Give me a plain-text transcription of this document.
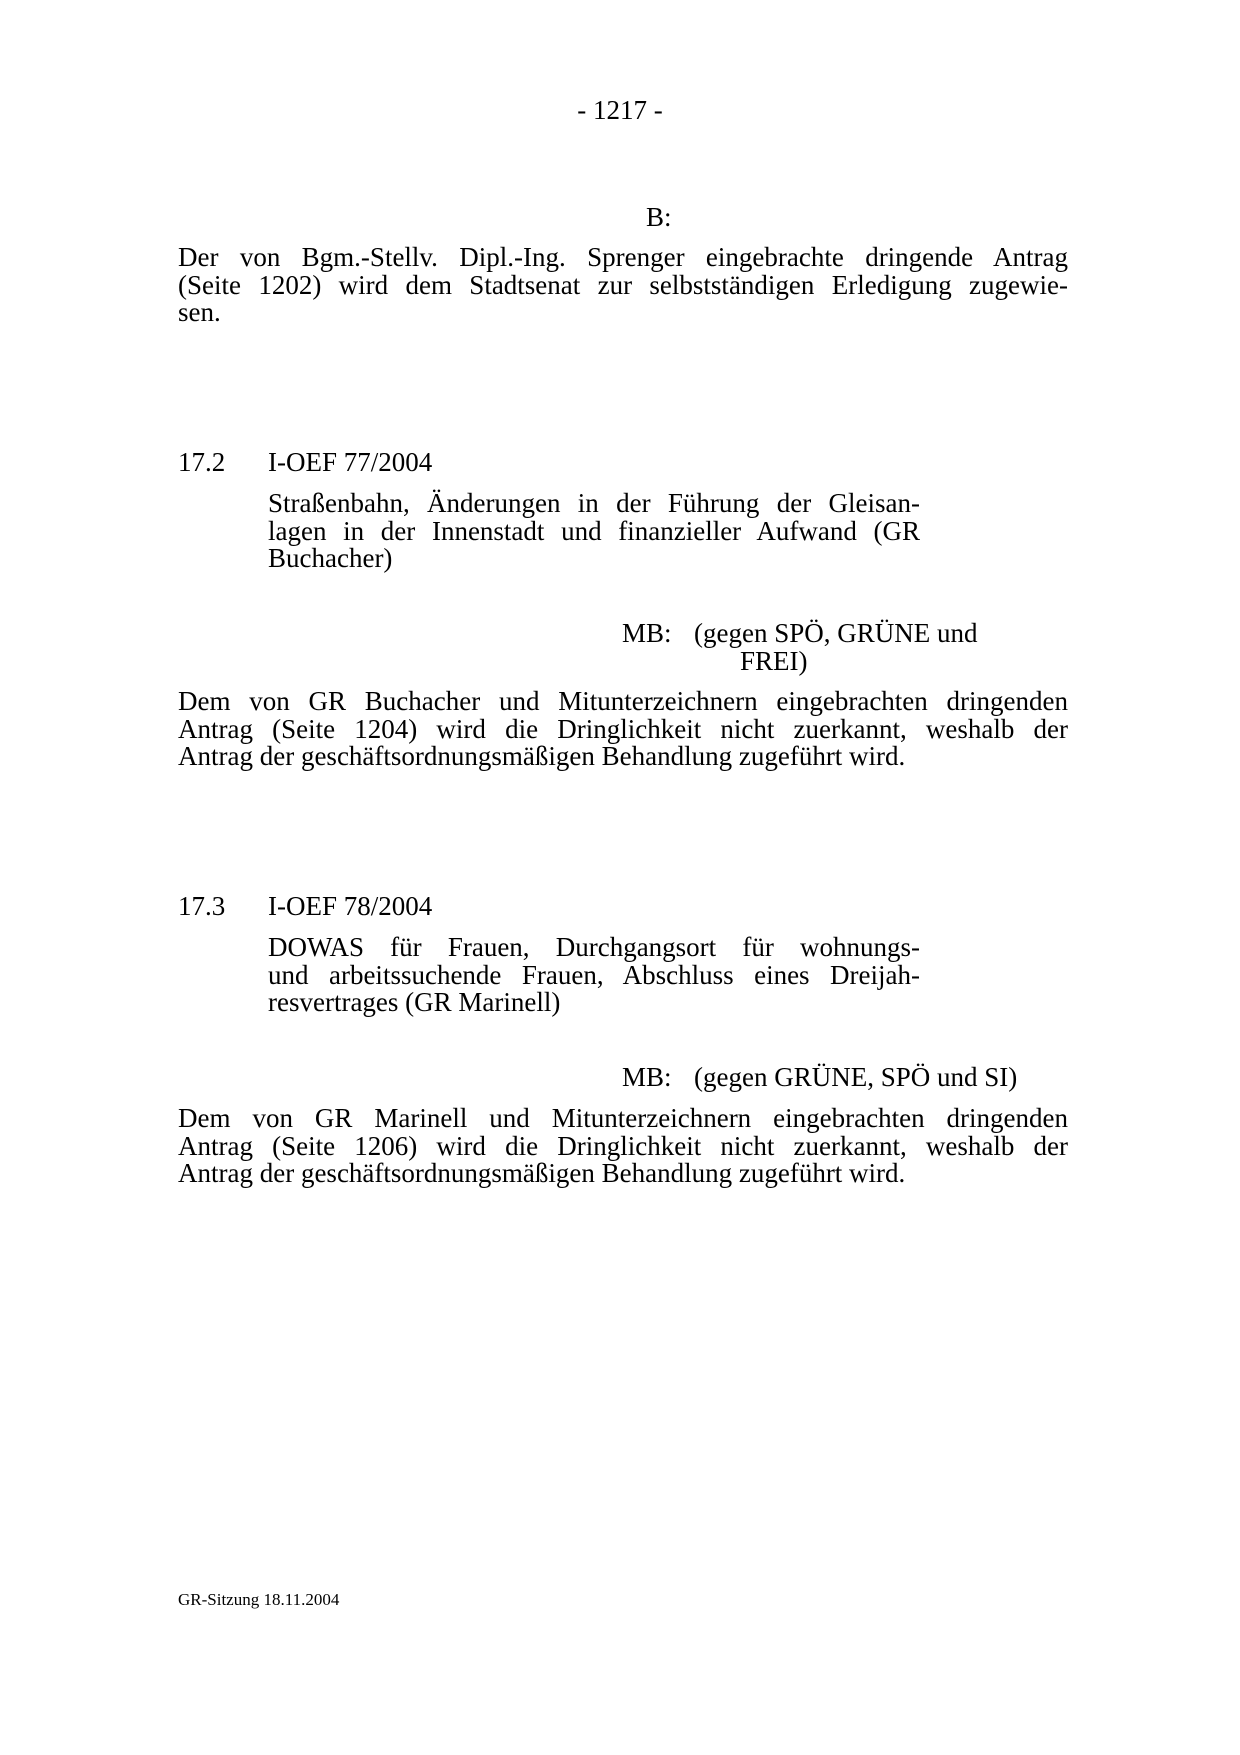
- 1217 -
B:
Der von Bgm.-Stellv. Dipl.-Ing. Sprenger eingebrachte dringende Antrag
(Seite 1202) wird dem Stadtsenat zur selbstständigen Erledigung zugewie-
sen.
17.2 I-OEF 77/2004
Straßenbahn, Änderungen in der Führung der Gleisan-
lagen in der Innenstadt und finanzieller Aufwand (GR
Buchacher)
MB: (gegen SPÖ, GRÜNE und
FREI)
Dem von GR Buchacher und Mitunterzeichnern eingebrachten dringenden
Antrag (Seite 1204) wird die Dringlichkeit nicht zuerkannt, weshalb der
Antrag der geschäftsordnungsmäßigen Behandlung zugeführt wird.
17.3 I-OEF 78/2004
DOWAS für Frauen, Durchgangsort für wohnungs-
und arbeitssuchende Frauen, Abschluss eines Dreijah-
resvertrages (GR Marinell)
MB: (gegen GRÜNE, SPÖ und SI)
Dem von GR Marinell und Mitunterzeichnern eingebrachten dringenden
Antrag (Seite 1206) wird die Dringlichkeit nicht zuerkannt, weshalb der
Antrag der geschäftsordnungsmäßigen Behandlung zugeführt wird.
GR-Sitzung 18.11.2004
